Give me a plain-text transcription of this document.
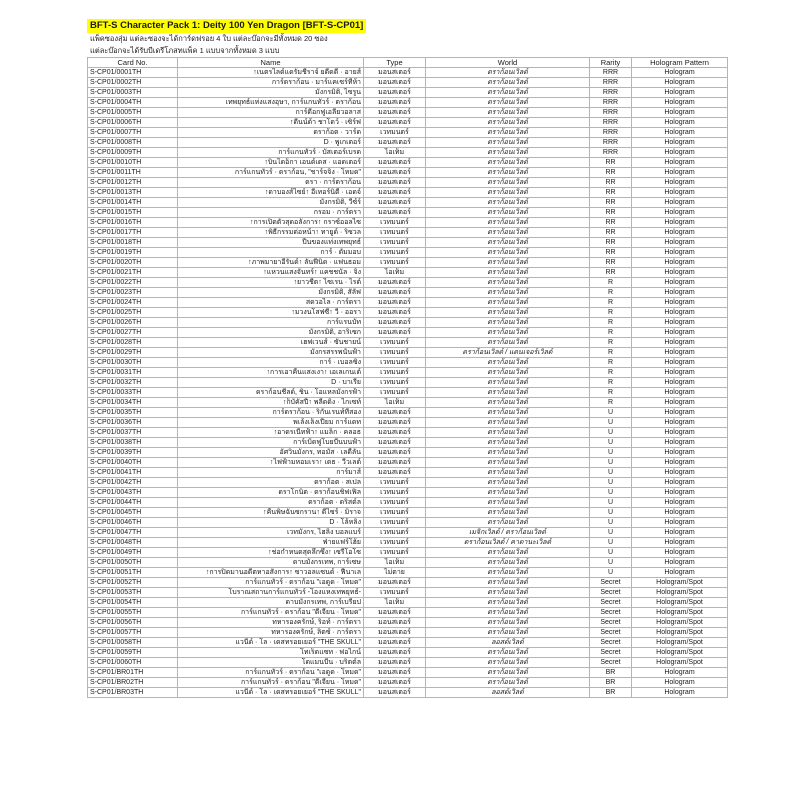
BFT-S Character Pack 1: Deity 100 Yen Dragon [BFT-S-CP01]
แพ็คซองสุ่ม แต่ละซองจะได้การ์ดฟรอย 4 ใบ แต่ละบ๊อกจะมีทั้งหมด 20 ซอง
แต่ละบ๊อกจะได้รับบีเดรีโภสทแพ็ค 1 แบบจากทั้งหมด 3 แบบ
Card No.	Name	Type	World	Rarity	Hologram Pattern
S-CP01/0001TH	↑เนตรไลต์แดรัมชีราจ์ ยดีดดี · อายส์	มอนสเตอร์	ดราก้อนเวิลด์	RRR	Hologram
S-CP01/0002TH	การ์ดราก้อน · มาร์แคเซร์ที่ห้า	มอนสเตอร์	ดราก้อนเวิลด์	RRR	Hologram
S-CP01/0003TH	มังกรมิติ, ไซรูน	มอนสเตอร์	ดราก้อนเวิลด์	RRR	Hologram
S-CP01/0004TH	เทพยุทธ์แห่งแสงอุษา, การ์แกนทัวร์ · ดราก้อน	มอนสเตอร์	ดราก้อนเวิลด์	RRR	Hologram
S-CP01/0005TH	การ์ดีอกฟูเอลียวอลาส	มอนสเตอร์	ดราก้อนเวิลด์	RRR	Hologram
S-CP01/0006TH	↑ดีนน์ด้า ชาโดว์ · เซิร์ฟ	มอนสเตอร์	ดราก้อนเวิลด์	RRR	Hologram
S-CP01/0007TH	ดราก้อต · วาร์ด	เวทมนตร์	ดราก้อนเวิลด์	RRR	Hologram
S-CP01/0008TH	D · พูเกเตอร์	มอนสเตอร์	ดราก้อนเวิลด์	RRR	Hologram
S-CP01/0009TH	การ์แกนทัวร์ · บัสเตอร์เบรด	ไอเท็ม	ดราก้อนเวิลด์	RRR	Hologram
S-CP01/0010TH	↑บินไดอ็กา เอนด์เดส · แอดเตอร์	มอนสเตอร์	ดราก้อนเวิลด์	RR	Hologram
S-CP01/0011TH	การ์แกนทัวร์ · ดราก้อน, "ชาร์จจิ้ง · โหมด"	มอนสเตอร์	ดราก้อนเวิลด์	RR	Hologram
S-CP01/0012TH	ดรา · การ์ดราก้อน	มอนสเตอร์	ดราก้อนเวิลด์	RR	Hologram
S-CP01/0013TH	↑ดาบองส์ไซย์↑ อีเทอร์นิตี้ · เอดจ์	มอนสเตอร์	ดราก้อนเวิลด์	RR	Hologram
S-CP01/0014TH	มังกรมิติ, วีซ์ร์	มอนสเตอร์	ดราก้อนเวิลด์	RR	Hologram
S-CP01/0015TH	กรอม · การ์ดรา	มอนสเตอร์	ดราก้อนเวิลด์	RR	Hologram
S-CP01/0016TH	↑การเปิดตัวสุดอลังการ↑ กราซ์ออลไซ	เวทมนตร์	ดราก้อนเวิลด์	RR	Hologram
S-CP01/0017TH	↑พิธีกรรมต่อหน้า↑ ทายูด์ · ริซวล	เวทมนตร์	ดราก้อนเวิลด์	RR	Hologram
S-CP01/0018TH	ปืนของแท่งเทพยุทธ์	เวทมนตร์	ดราก้อนเวิลด์	RR	Hologram
S-CP01/0019TH	การ์ · ดัมมอบ	เวทมนตร์	ดราก้อนเวิลด์	RR	Hologram
S-CP01/0020TH	↑ภาพมายาอีรันด์↑ ลันฟีนิด · แฟนธอม	เวทมนตร์	ดราก้อนเวิลด์	RR	Hologram
S-CP01/0021TH	↑แหวนแสงจันทร์↑ แคชชนัล · จิ้ง	ไอเท็ม	ดราก้อนเวิลด์	RR	Hologram
S-CP01/0022TH	↑ยาวชีต↑ ไซเรน · ไรต์	มอนสเตอร์	ดราก้อนเวิลด์	R	Hologram
S-CP01/0023TH	มังกรมิติ, สัลัฟ	มอนสเตอร์	ดราก้อนเวิลด์	R	Hologram
S-CP01/0024TH	สดวอไล · การ์ดรา	มอนสเตอร์	ดราก้อนเวิลด์	R	Hologram
S-CP01/0025TH	↑มวงนโสฟซี่↑ วี · ออรา	มอนสเตอร์	ดราก้อนเวิลด์	R	Hologram
S-CP01/0026TH	การ์แรนบัท	มอนสเตอร์	ดราก้อนเวิลด์	R	Hologram
S-CP01/0027TH	มังกรมิติ, อาริเซก	มอนสเตอร์	ดราก้อนเวิลด์	R	Hologram
S-CP01/0028TH	เฮฟเวนส์ · ซันชายน์	เวทมนตร์	ดราก้อนเวิลด์	R	Hologram
S-CP01/0029TH	มังกรสรรพนั้นฟ้า	เวทมนตร์	ดราก้อนเวิลด์ / แดนเจอร์เวิลด์	R	Hologram
S-CP01/0030TH	การ์ · เบอลซิ่ง	เวทมนตร์	ดราก้อนเวิลด์	R	Hologram
S-CP01/0031TH	↑การเอาคืนแสงเงา↑ เอเลเกนเต์	เวทมนตร์	ดราก้อนเวิลด์	R	Hologram
S-CP01/0032TH	D · บาเรีย	เวทมนตร์	ดราก้อนเวิลด์	R	Hologram
S-CP01/0033TH	ดราก้อนชีลด์, ชิน · โอแหลมังกรฟ้า	เวทมนตร์	ดราก้อนเวิลด์	R	Hologram
S-CP01/0034TH	↑ก็บัคัสปี↑ พลีดดิ้ง · ไกเซท์	ไอเท็ม	ดราก้อนเวิลด์	R	Hologram
S-CP01/0035TH	การ์ดราก้อน · ริกันเรนท์ที่สอง	มอนสเตอร์	ดราก้อนเวิลด์	U	Hologram
S-CP01/0036TH	พเล้งเล็งเปียม การ์แดท	มอนสเตอร์	ดราก้อนเวิลด์	U	Hologram
S-CP01/0037TH	↑อาดรเนีทฟ้า↑ แมล็ก · คลอธ	มอนสเตอร์	ดราก้อนเวิลด์	U	Hologram
S-CP01/0038TH	การ์เบิ๊ดฟูโบยบีนบนฟ้า	มอนสเตอร์	ดราก้อนเวิลด์	U	Hologram
S-CP01/0039TH	อัศวินมังกร, ทอมัส · เลดี้ลัน	มอนสเตอร์	ดราก้อนเวิลด์	U	Hologram
S-CP01/0040TH	↑ไฟฟ้ามหอมเรา↑ เดธ · วีวเลต์	มอนสเตอร์	ดราก้อนเวิลด์	U	Hologram
S-CP01/0041TH	การ์มาส์	มอนสเตอร์	ดราก้อนเวิลด์	U	Hologram
S-CP01/0042TH	ดราก้อต · สเปล	เวทมนตร์	ดราก้อนเวิลด์	U	Hologram
S-CP01/0043TH	ดราโกนิต · ดราก้อนชิฟเฟิล	เวทมนตร์	ดราก้อนเวิลด์	U	Hologram
S-CP01/0044TH	ดราก้อต · ดริสต์ล	เวทมนตร์	ดราก้อนเวิลด์	U	Hologram
S-CP01/0045TH	↑คืนพิษฉันซกราน↑ ดีไซร์ · มิราจ	เวทมนตร์	ดราก้อนเวิลด์	U	Hologram
S-CP01/0046TH	D · โล้หลิ่ง	เวทมนตร์	ดราก้อนเวิลด์	U	Hologram
S-CP01/0047TH	เวทมังกร, ไฮลิ้ง บอลแบร์	เวทมนตร์	เมจิกเวิลด์ / ดราก้อนเวิลด์	U	Hologram
S-CP01/0048TH	ฟ่ายแฟร์โฮ้ย	เวทมนตร์	ดราก้อนเวิลด์ / คาตานะเวิลด์	U	Hologram
S-CP01/0049TH	↑ช่อกำหนดสุดลึกซึ้ง↑ เซรีโอโซ	เวทมนตร์	ดราก้อนเวิลด์	U	Hologram
S-CP01/0050TH	ดาบมังกรเทพ, การ์เซษ	ไอเท็ม	ดราก้อนเวิลด์	U	Hologram
S-CP01/0051TH	↑การปิดมานอดีตหาอสังการ↑ ซาวอลแซนด์ · ฟีนาเล	ไม่ตาย	ดราก้อนเวิลด์	U	Hologram
S-CP01/0052TH	การ์แกนทัวร์ · ดราก้อน "เอดูด · โหมด"	มอนสเตอร์	ดราก้อนเวิลด์	Secret	Hologram/Spot
S-CP01/0053TH	โบราณสถานการ์แกนทัวร์ -โองแหงเทพยุทธ์-	เวทมนตร์	ดราก้อนเวิลด์	Secret	Hologram/Spot
S-CP01/0054TH	ดาบมังกรเทพ, การ์เบรียป	ไอเท็ม	ดราก้อนเวิลด์	Secret	Hologram/Spot
S-CP01/0055TH	การ์แกนทัวร์ · ดราก้อน "ดีเจี้ยน · โหมด"	มอนสเตอร์	ดราก้อนเวิลด์	Secret	Hologram/Spot
S-CP01/0056TH	ทหารองครักษ์, ริอท์ · การ์ดรา	มอนสเตอร์	ดราก้อนเวิลด์	Secret	Hologram/Spot
S-CP01/0057TH	ทหารองครักษ์, ลิตซ์ · การ์ดรา	มอนสเตอร์	ดราก้อนเวิลด์	Secret	Hologram/Spot
S-CP01/0058TH	แวนี่ด์ · โล · เดสทรอยเยอร์ "THE SKULL"	มอนสเตอร์	ลอสต์เวิลด์	Secret	Hologram/Spot
S-CP01/0059TH	โทเร็ดแซท · ฟอไกน์	มอนสเตอร์	ดราก้อนเวิลด์	Secret	Hologram/Spot
S-CP01/0060TH	โดแมนบีน · บริตต์ล	มอนสเตอร์	ดราก้อนเวิลด์	Secret	Hologram/Spot
S-CP01/BR01TH	การ์แกนทัวร์ · ดราก้อน "เอดูด · โหมด"	มอนสเตอร์	ดราก้อนเวิลด์	BR	Hologram
S-CP01/BR02TH	การ์แกนทัวร์ · ดราก้อน "ดีเจี้ยน · โหมด"	มอนสเตอร์	ดราก้อนเวิลด์	BR	Hologram
S-CP01/BR03TH	แวนี่ด์ · โล · เดสทรอยเยอร์ "THE SKULL"	มอนสเตอร์	ลอสต์เวิลด์	BR	Hologram
